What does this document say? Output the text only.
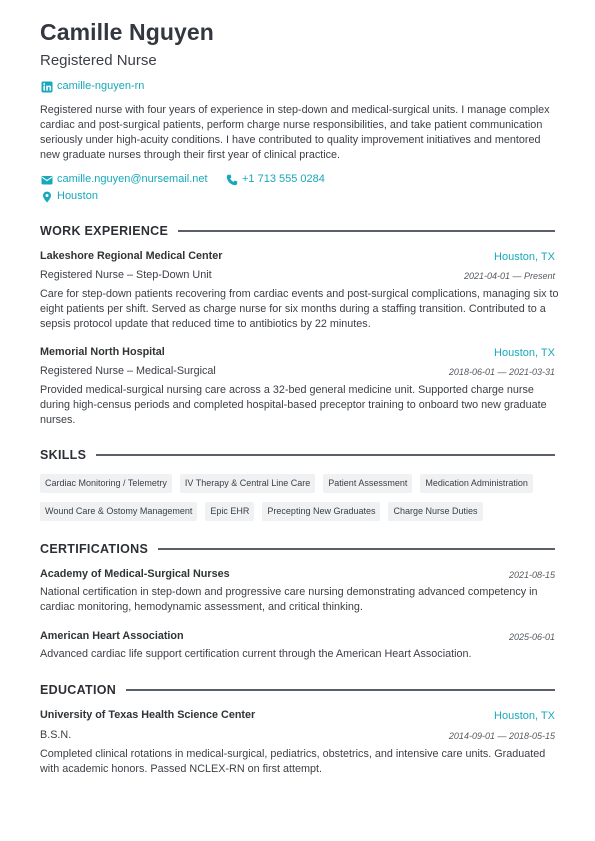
Camille Nguyen
Registered Nurse
camille-nguyen-rn
Registered nurse with four years of experience in step-down and medical-surgical units. I manage complex cardiac and post-surgical patients, perform charge nurse responsibilities, and take patient communication seriously under high-acuity conditions. I have contributed to quality improvement initiatives and mentored new graduate nurses through their first year of clinical practice.
camille.nguyen@nursemail.net	+1 713 555 0284
Houston
WORK EXPERIENCE
Lakeshore Regional Medical Center	Houston, TX
Registered Nurse – Step-Down Unit	2021-04-01 — Present
Care for step-down patients recovering from cardiac events and post-surgical complications, managing six to eight patients per shift. Served as charge nurse for six months during a staffing transition. Contributed to a sepsis protocol update that reduced time to antibiotics by 22 minutes.
Memorial North Hospital	Houston, TX
Registered Nurse – Medical-Surgical	2018-06-01 — 2021-03-31
Provided medical-surgical nursing care across a 32-bed general medicine unit. Supported charge nurse during high-census periods and completed hospital-based preceptor training to onboard two new graduate nurses.
SKILLS
Cardiac Monitoring / Telemetry	IV Therapy & Central Line Care	Patient Assessment	Medication Administration
Wound Care & Ostomy Management	Epic EHR	Precepting New Graduates	Charge Nurse Duties
CERTIFICATIONS
Academy of Medical-Surgical Nurses	2021-08-15
National certification in step-down and progressive care nursing demonstrating advanced competency in cardiac monitoring, hemodynamic assessment, and critical thinking.
American Heart Association	2025-06-01
Advanced cardiac life support certification current through the American Heart Association.
EDUCATION
University of Texas Health Science Center	Houston, TX
B.S.N.	2014-09-01 — 2018-05-15
Completed clinical rotations in medical-surgical, pediatrics, obstetrics, and intensive care units. Graduated with academic honors. Passed NCLEX-RN on first attempt.
